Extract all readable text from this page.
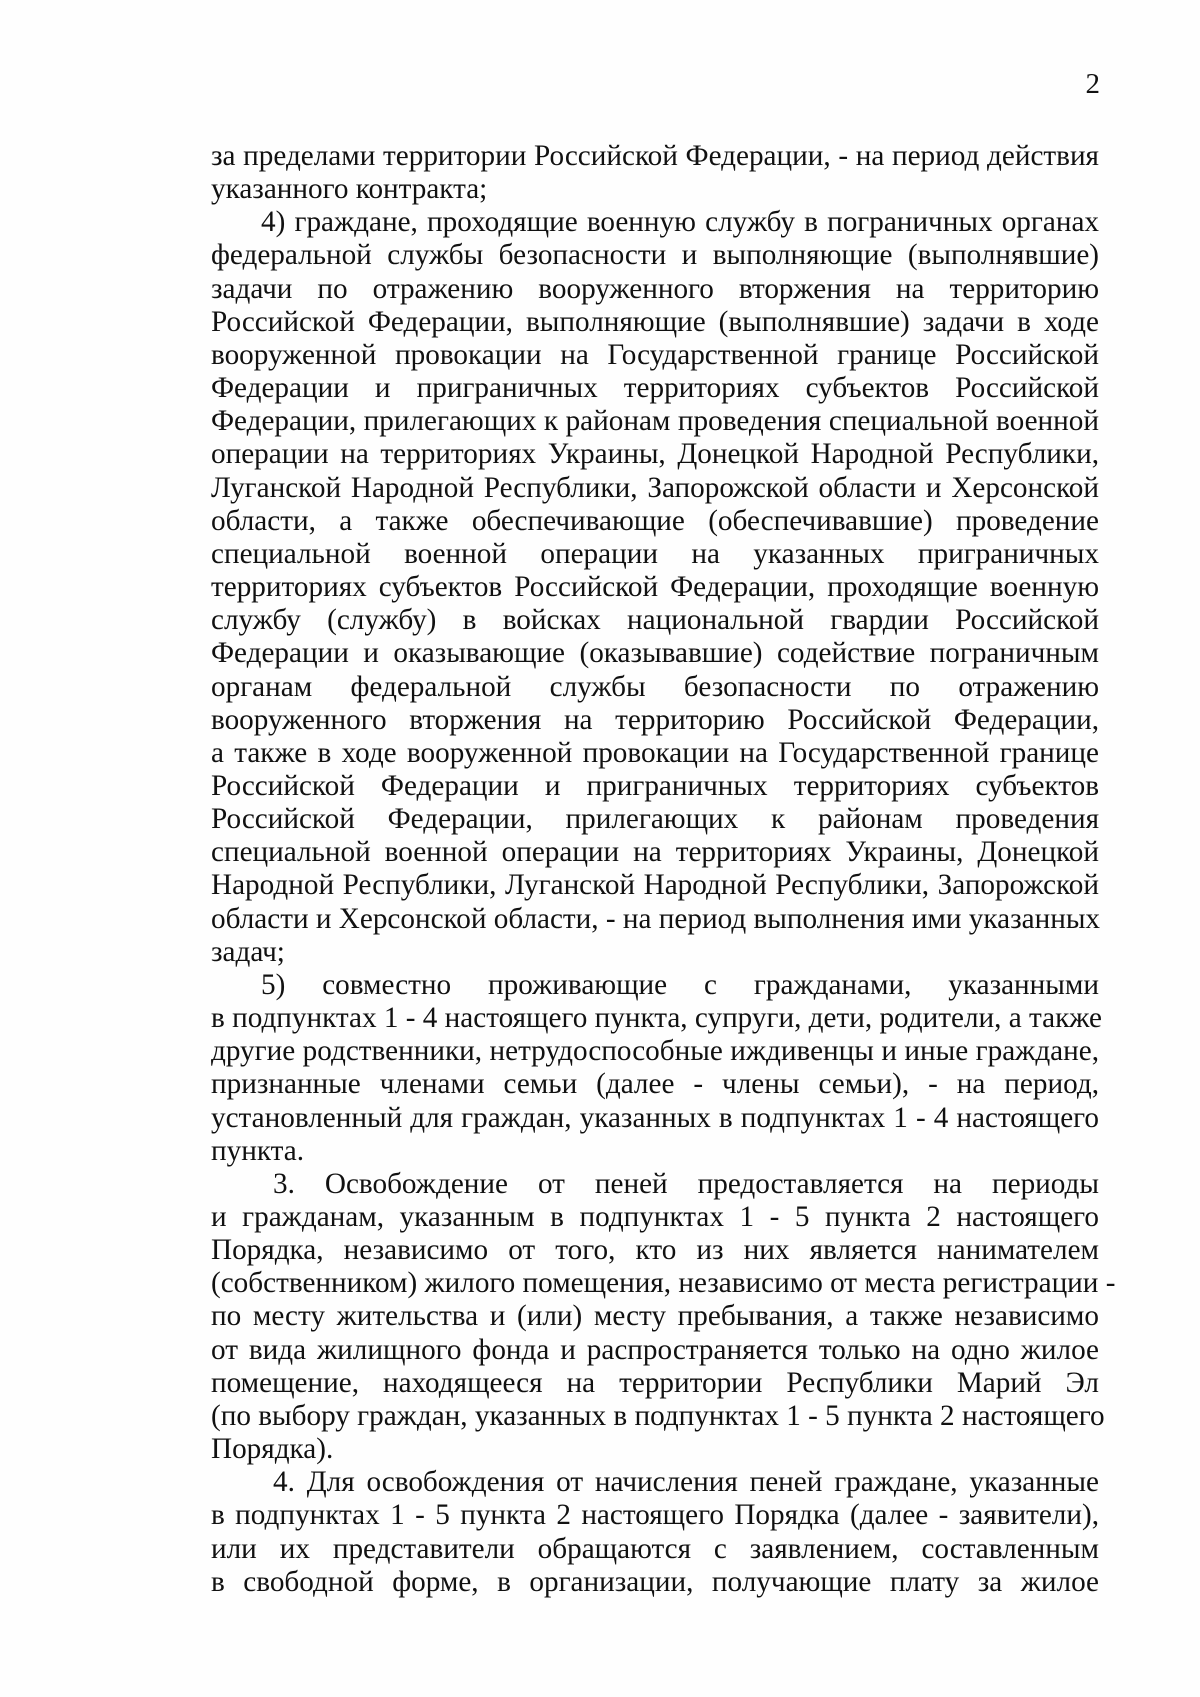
2
за пределами территории Российской Федерации, - на период действия
указанного контракта;
4) граждане, проходящие военную службу в пограничных органах
федеральной службы безопасности и выполняющие (выполнявшие)
задачи по отражению вооруженного вторжения на территорию
Российской Федерации, выполняющие (выполнявшие) задачи в ходе
вооруженной провокации на Государственной границе Российской
Федерации и приграничных территориях субъектов Российской
Федерации, прилегающих к районам проведения специальной военной
операции на территориях Украины, Донецкой Народной Республики,
Луганской Народной Республики, Запорожской области и Херсонской
области, а также обеспечивающие (обеспечивавшие) проведение
специальной военной операции на указанных приграничных
территориях субъектов Российской Федерации, проходящие военную
службу (службу) в войсках национальной гвардии Российской
Федерации и оказывающие (оказывавшие) содействие пограничным
органам федеральной службы безопасности по отражению
вооруженного вторжения на территорию Российской Федерации,
а также в ходе вооруженной провокации на Государственной границе
Российской Федерации и приграничных территориях субъектов
Российской Федерации, прилегающих к районам проведения
специальной военной операции на территориях Украины, Донецкой
Народной Республики, Луганской Народной Республики, Запорожской
области и Херсонской области, - на период выполнения ими указанных
задач;
5) совместно проживающие с гражданами, указанными
в подпунктах 1 - 4 настоящего пункта, супруги, дети, родители, а также
другие родственники, нетрудоспособные иждивенцы и иные граждане,
признанные членами семьи (далее - члены семьи), - на период,
установленный для граждан, указанных в подпунктах 1 - 4 настоящего
пункта.
3. Освобождение от пеней предоставляется на периоды
и гражданам, указанным в подпунктах 1 - 5 пункта 2 настоящего
Порядка, независимо от того, кто из них является нанимателем
(собственником) жилого помещения, независимо от места регистрации -
по месту жительства и (или) месту пребывания, а также независимо
от вида жилищного фонда и распространяется только на одно жилое
помещение, находящееся на территории Республики Марий Эл
(по выбору граждан, указанных в подпунктах 1 - 5 пункта 2 настоящего
Порядка).
4. Для освобождения от начисления пеней граждане, указанные
в подпунктах 1 - 5 пункта 2 настоящего Порядка (далее - заявители),
или их представители обращаются с заявлением, составленным
в свободной форме, в организации, получающие плату за жилое
